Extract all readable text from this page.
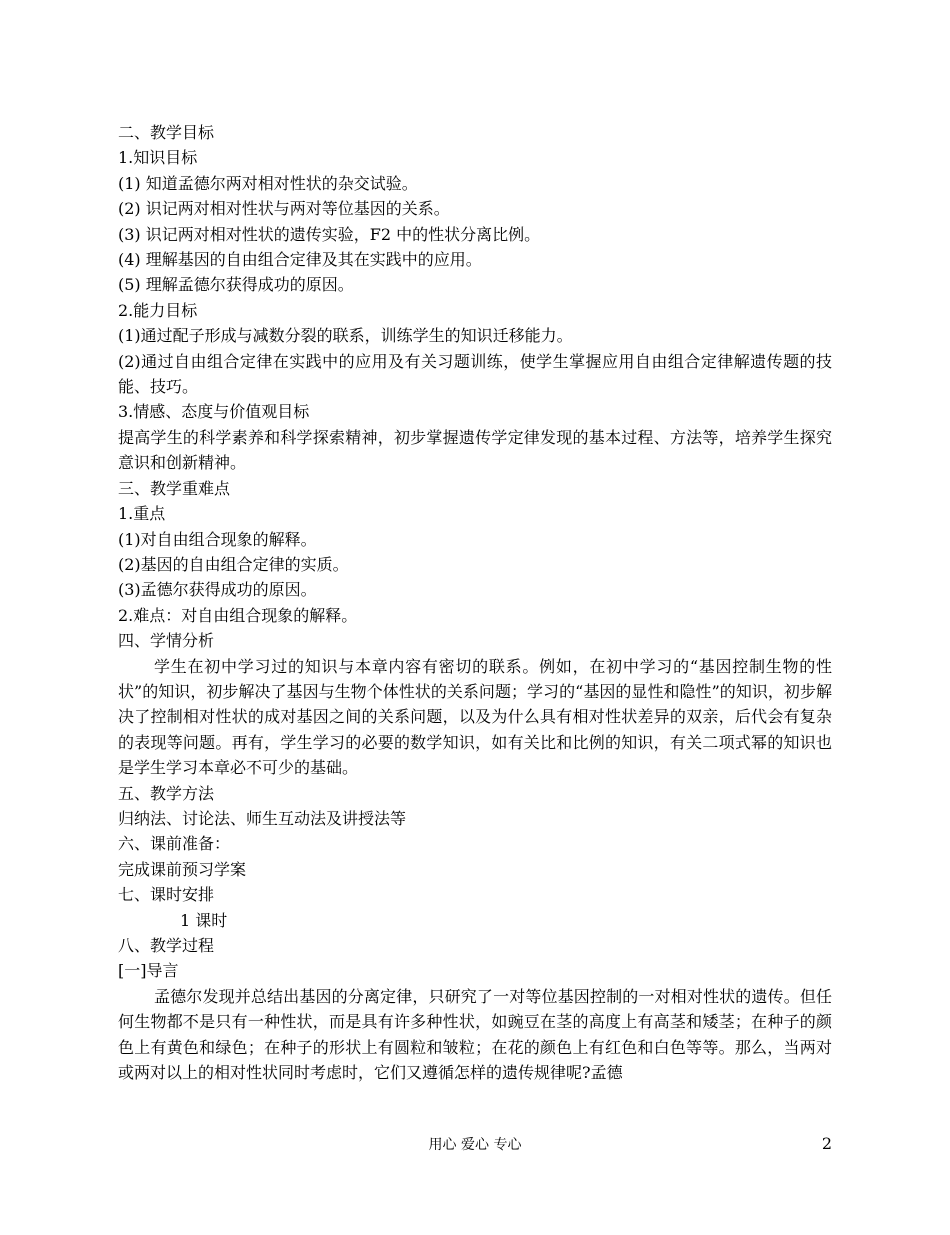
二、教学目标
1.知识目标
(1) 知道孟德尔两对相对性状的杂交试验。
(2) 识记两对相对性状与两对等位基因的关系。
(3) 识记两对相对性状的遗传实验，F2 中的性状分离比例。
(4) 理解基因的自由组合定律及其在实践中的应用。
(5) 理解孟德尔获得成功的原因。
2.能力目标
(1)通过配子形成与减数分裂的联系，训练学生的知识迁移能力。
(2)通过自由组合定律在实践中的应用及有关习题训练，使学生掌握应用自由组合定律解遗传题的技能、技巧。
3.情感、态度与价值观目标
提高学生的科学素养和科学探索精神，初步掌握遗传学定律发现的基本过程、方法等，培养学生探究意识和创新精神。
三、教学重难点
1.重点
(1)对自由组合现象的解释。
(2)基因的自由组合定律的实质。
(3)孟德尔获得成功的原因。
2.难点：对自由组合现象的解释。
四、学情分析
学生在初中学习过的知识与本章内容有密切的联系。例如，在初中学习的“基因控制生物的性状”的知识，初步解决了基因与生物个体性状的关系问题；学习的“基因的显性和隐性”的知识，初步解决了控制相对性状的成对基因之间的关系问题，以及为什么具有相对性状差异的双亲，后代会有复杂的表现等问题。再有，学生学习的必要的数学知识，如有关比和比例的知识，有关二项式幂的知识也是学生学习本章必不可少的基础。
五、教学方法
归纳法、讨论法、师生互动法及讲授法等
六、课前准备：
完成课前预习学案
七、课时安排
1 课时
八、教学过程
[一]导言
孟德尔发现并总结出基因的分离定律，只研究了一对等位基因控制的一对相对性状的遗传。但任何生物都不是只有一种性状，而是具有许多种性状，如豌豆在茎的高度上有高茎和矮茎；在种子的颜色上有黄色和绿色；在种子的形状上有圆粒和皱粒；在花的颜色上有红色和白色等等。那么，当两对或两对以上的相对性状同时考虑时，它们又遵循怎样的遗传规律呢?孟德
用心 爱心 专心	2
